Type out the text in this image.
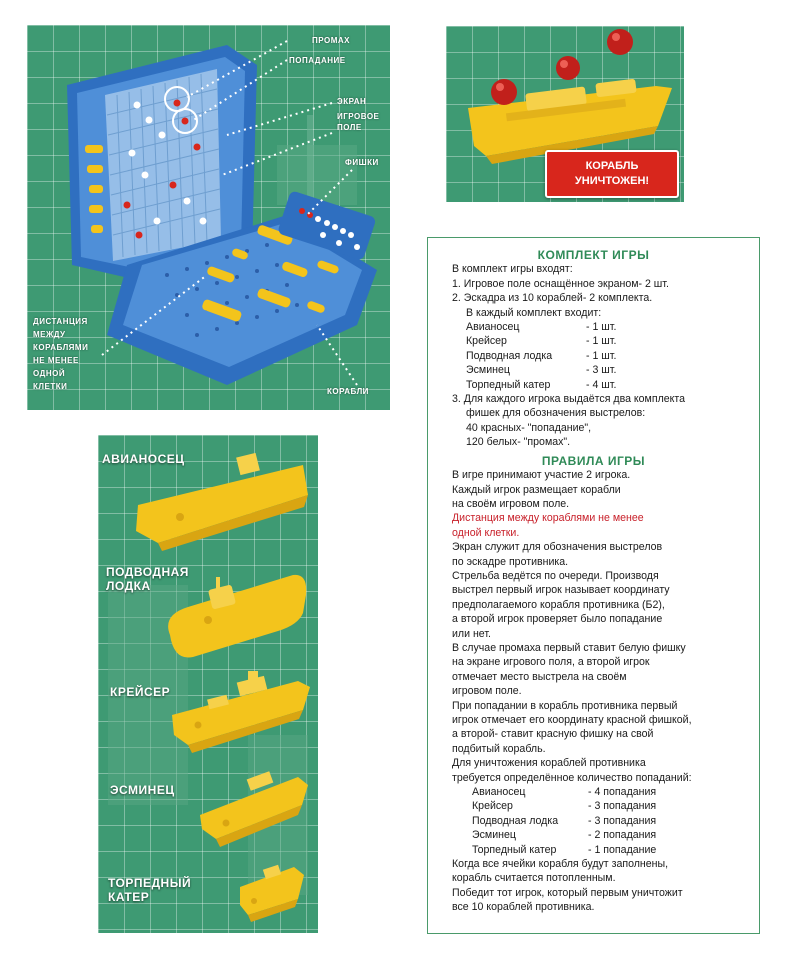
ПРОМАХ
ПОПАДАНИЕ
ЭКРАН
ИГРОВОЕ ПОЛЕ
ФИШКИ
КОРАБЛИ
ДИСТАНЦИЯ
МЕЖДУ
КОРАБЛЯМИ
НЕ МЕНЕЕ
ОДНОЙ
КЛЕТКИ
КОРАБЛЬ
УНИЧТОЖЕН!
АВИАНОСЕЦ
ПОДВОДНАЯ
ЛОДКА
КРЕЙСЕР
ЭСМИНЕЦ
ТОРПЕДНЫЙ
КАТЕР
КОМПЛЕКТ ИГРЫ
В комплект игры входят:
1. Игровое поле оснащённое экраном- 2 шт.
2. Эскадра из 10 кораблей- 2 комплекта.
В каждый комплект входит:
Авианосец	- 1 шт.
Крейсер	- 1 шт.
Подводная лодка	- 1 шт.
Эсминец	- 3 шт.
Торпедный катер	- 4 шт.
3. Для каждого игрока выдаётся два комплекта
фишек для обозначения выстрелов:
40 красных- "попадание",
120 белых- "промах".
ПРАВИЛА ИГРЫ
В игре принимают участие 2 игрока.
Каждый игрок размещает корабли
на своём игровом поле.
Дистанция между кораблями не менее
одной клетки.
Экран служит для обозначения выстрелов
по эскадре противника.
Стрельба ведётся по очереди. Производя
выстрел первый игрок называет координату
предполагаемого корабля противника (Б2),
а второй игрок проверяет было попадание
или нет.
В случае промаха первый ставит белую фишку
на экране игрового поля, а второй игрок
отмечает место выстрела на своём
игровом поле.
При попадании в корабль противника первый
игрок отмечает его координату красной фишкой,
а второй- ставит красную фишку на свой
подбитый корабль.
Для уничтожения кораблей противника
требуется определённое количество попаданий:
Авианосец	- 4 попадания
Крейсер	- 3 попадания
Подводная лодка	- 3 попадания
Эсминец	- 2 попадания
Торпедный катер	- 1 попадание
Когда все ячейки корабля будут заполнены,
корабль считается потопленным.
Победит тот игрок, который первым уничтожит
все 10 кораблей противника.
